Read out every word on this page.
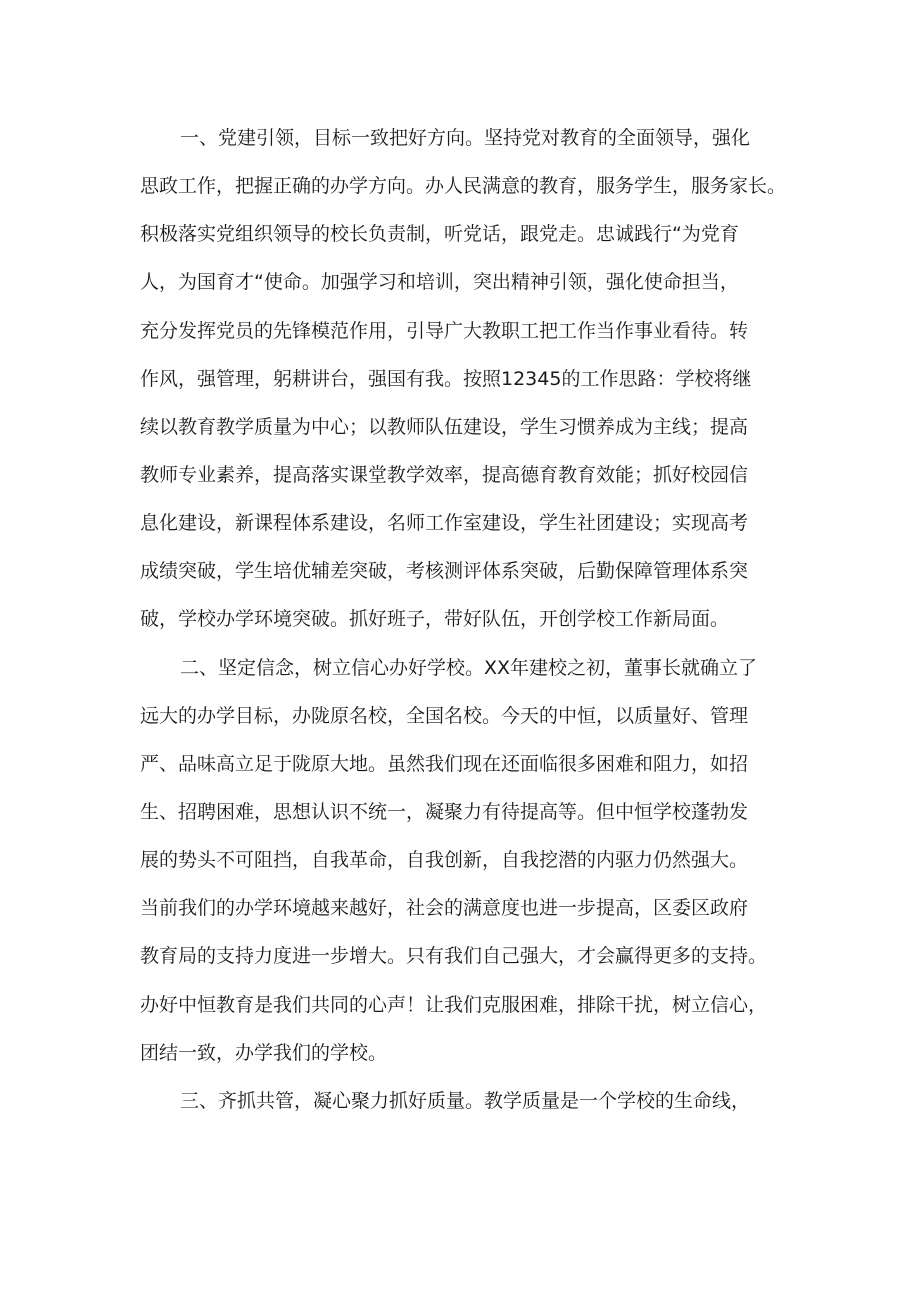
一、党建引领，目标一致把好方向。坚持党对教育的全面领导，强化

思政工作，把握正确的办学方向。办人民满意的教育，服务学生，服务家长。

积极落实党组织领导的校长负责制，听党话，跟党走。忠诚践行“为党育

人，为国育才“使命。加强学习和培训，突出精神引领，强化使命担当，

充分发挥党员的先锋模范作用，引导广大教职工把工作当作事业看待。转

作风，强管理，躬耕讲台，强国有我。按照12345的工作思路：学校将继

续以教育教学质量为中心；以教师队伍建设，学生习惯养成为主线；提高

教师专业素养，提高落实课堂教学效率，提高德育教育效能；抓好校园信

息化建设，新课程体系建设，名师工作室建设，学生社团建设；实现高考

成绩突破，学生培优辅差突破，考核测评体系突破，后勤保障管理体系突

破，学校办学环境突破。抓好班子，带好队伍，开创学校工作新局面。

二、坚定信念，树立信心办好学校。XX年建校之初，董事长就确立了

远大的办学目标，办陇原名校，全国名校。今天的中恒，以质量好、管理

严、品味高立足于陇原大地。虽然我们现在还面临很多困难和阻力，如招

生、招聘困难，思想认识不统一，凝聚力有待提高等。但中恒学校蓬勃发

展的势头不可阻挡，自我革命，自我创新，自我挖潜的内驱力仍然强大。

当前我们的办学环境越来越好，社会的满意度也进一步提高，区委区政府

教育局的支持力度进一步增大。只有我们自己强大，才会赢得更多的支持。

办好中恒教育是我们共同的心声！让我们克服困难，排除干扰，树立信心，

团结一致，办学我们的学校。

三、齐抓共管，凝心聚力抓好质量。教学质量是一个学校的生命线，
